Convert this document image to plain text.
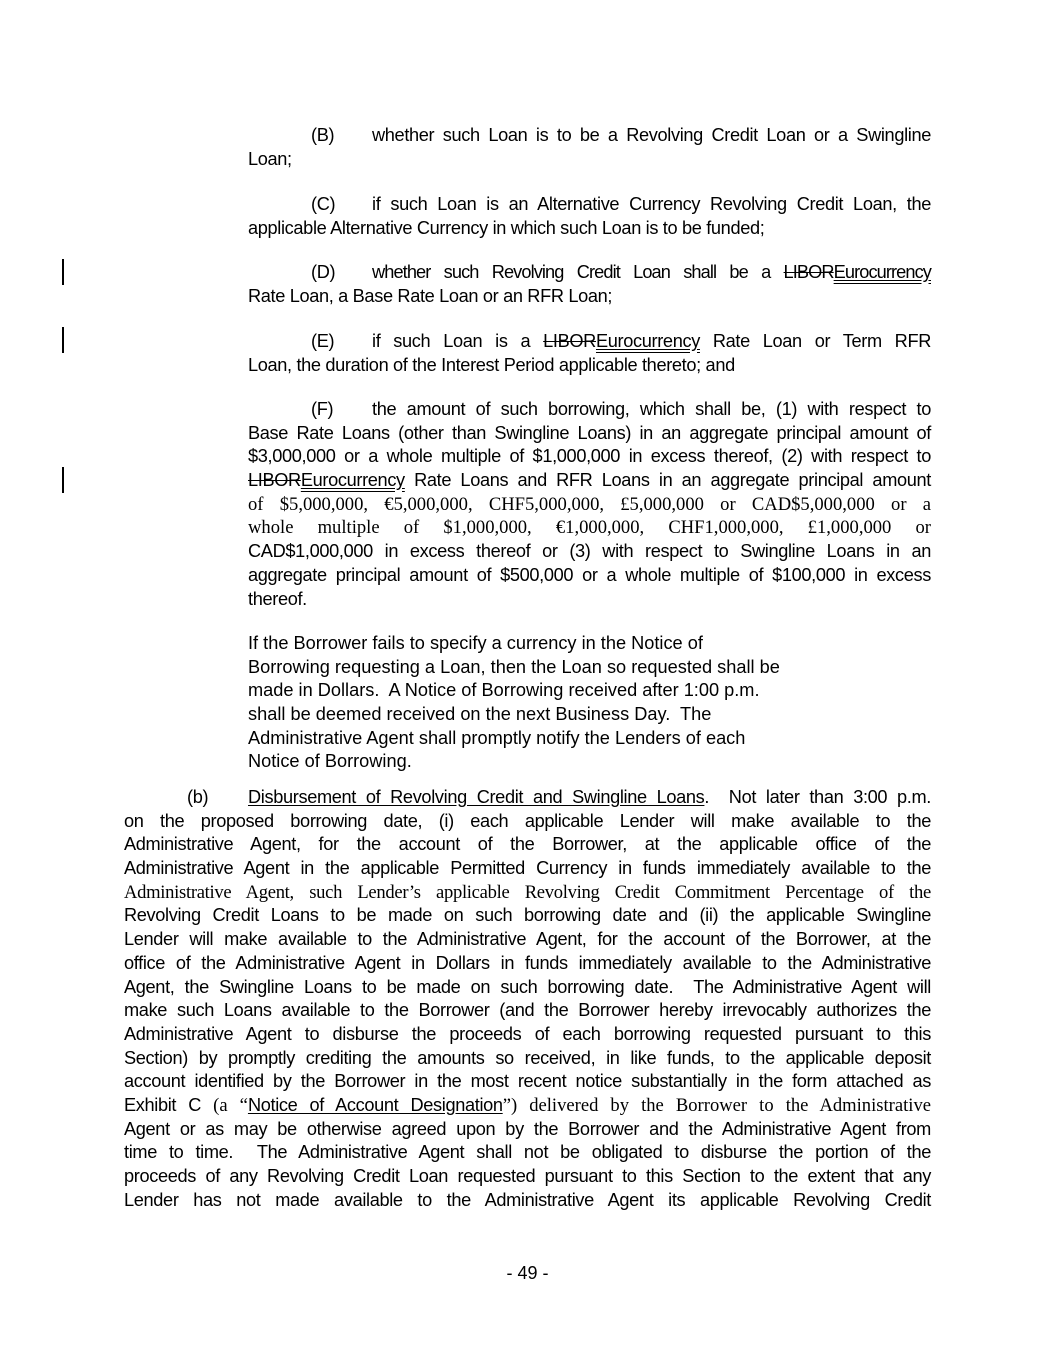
(B) whether such Loan is to be a Revolving Credit Loan or a Swingline
Loan;
(C) if such Loan is an Alternative Currency Revolving Credit Loan, the
applicable Alternative Currency in which such Loan is to be funded;
(D) whether such Revolving Credit Loan shall be a LIBOREurocurrency
Rate Loan, a Base Rate Loan or an RFR Loan;
(E) if such Loan is a LIBOREurocurrency Rate Loan or Term RFR
Loan, the duration of the Interest Period applicable thereto; and
(F) the amount of such borrowing, which shall be, (1) with respect to
Base Rate Loans (other than Swingline Loans) in an aggregate principal amount of
$3,000,000 or a whole multiple of $1,000,000 in excess thereof, (2) with respect to
LIBOREurocurrency Rate Loans and RFR Loans in an aggregate principal amount
of $5,000,000, €5,000,000, CHF5,000,000, £5,000,000 or CAD$5,000,000 or a
whole multiple of $1,000,000, €1,000,000, CHF1,000,000, £1,000,000 or
CAD$1,000,000 in excess thereof or (3) with respect to Swingline Loans in an
aggregate principal amount of $500,000 or a whole multiple of $100,000 in excess
thereof.
If the Borrower fails to specify a currency in the Notice of
Borrowing requesting a Loan, then the Loan so requested shall be
made in Dollars.  A Notice of Borrowing received after 1:00 p.m.
shall be deemed received on the next Business Day.  The
Administrative Agent shall promptly notify the Lenders of each
Notice of Borrowing.
(b) Disbursement of Revolving Credit and Swingline Loans.  Not later than 3:00 p.m.
on the proposed borrowing date, (i) each applicable Lender will make available to the
Administrative Agent, for the account of the Borrower, at the applicable office of the
Administrative Agent in the applicable Permitted Currency in funds immediately available to the
Administrative Agent, such Lender’s applicable Revolving Credit Commitment Percentage of the
Revolving Credit Loans to be made on such borrowing date and (ii) the applicable Swingline
Lender will make available to the Administrative Agent, for the account of the Borrower, at the
office of the Administrative Agent in Dollars in funds immediately available to the Administrative
Agent, the Swingline Loans to be made on such borrowing date.  The Administrative Agent will
make such Loans available to the Borrower (and the Borrower hereby irrevocably authorizes the
Administrative Agent to disburse the proceeds of each borrowing requested pursuant to this
Section) by promptly crediting the amounts so received, in like funds, to the applicable deposit
account identified by the Borrower in the most recent notice substantially in the form attached as
Exhibit C (a “Notice of Account Designation”) delivered by the Borrower to the Administrative
Agent or as may be otherwise agreed upon by the Borrower and the Administrative Agent from
time to time.  The Administrative Agent shall not be obligated to disburse the portion of the
proceeds of any Revolving Credit Loan requested pursuant to this Section to the extent that any
Lender has not made available to the Administrative Agent its applicable Revolving Credit
- 49 -
